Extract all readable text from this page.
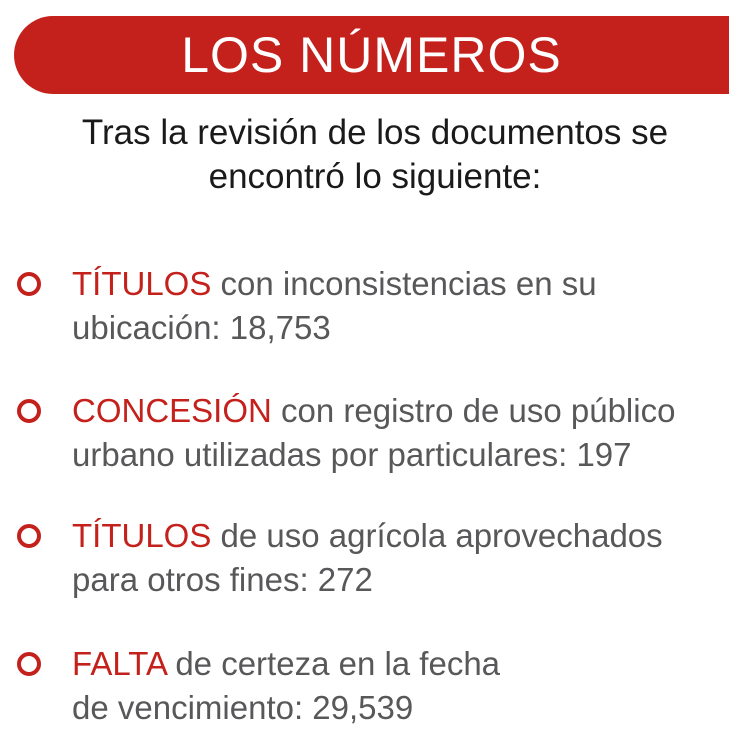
LOS NÚMEROS

Tras la revisión de los documentos se
encontró lo siguiente:

TÍTULOS con inconsistencias en su
ubicación: 18,753

CONCESIÓN con registro de uso público
urbano utilizadas por particulares: 197

TÍTULOS de uso agrícola aprovechados
para otros fines: 272

FALTA de certeza en la fecha
de vencimiento: 29,539
